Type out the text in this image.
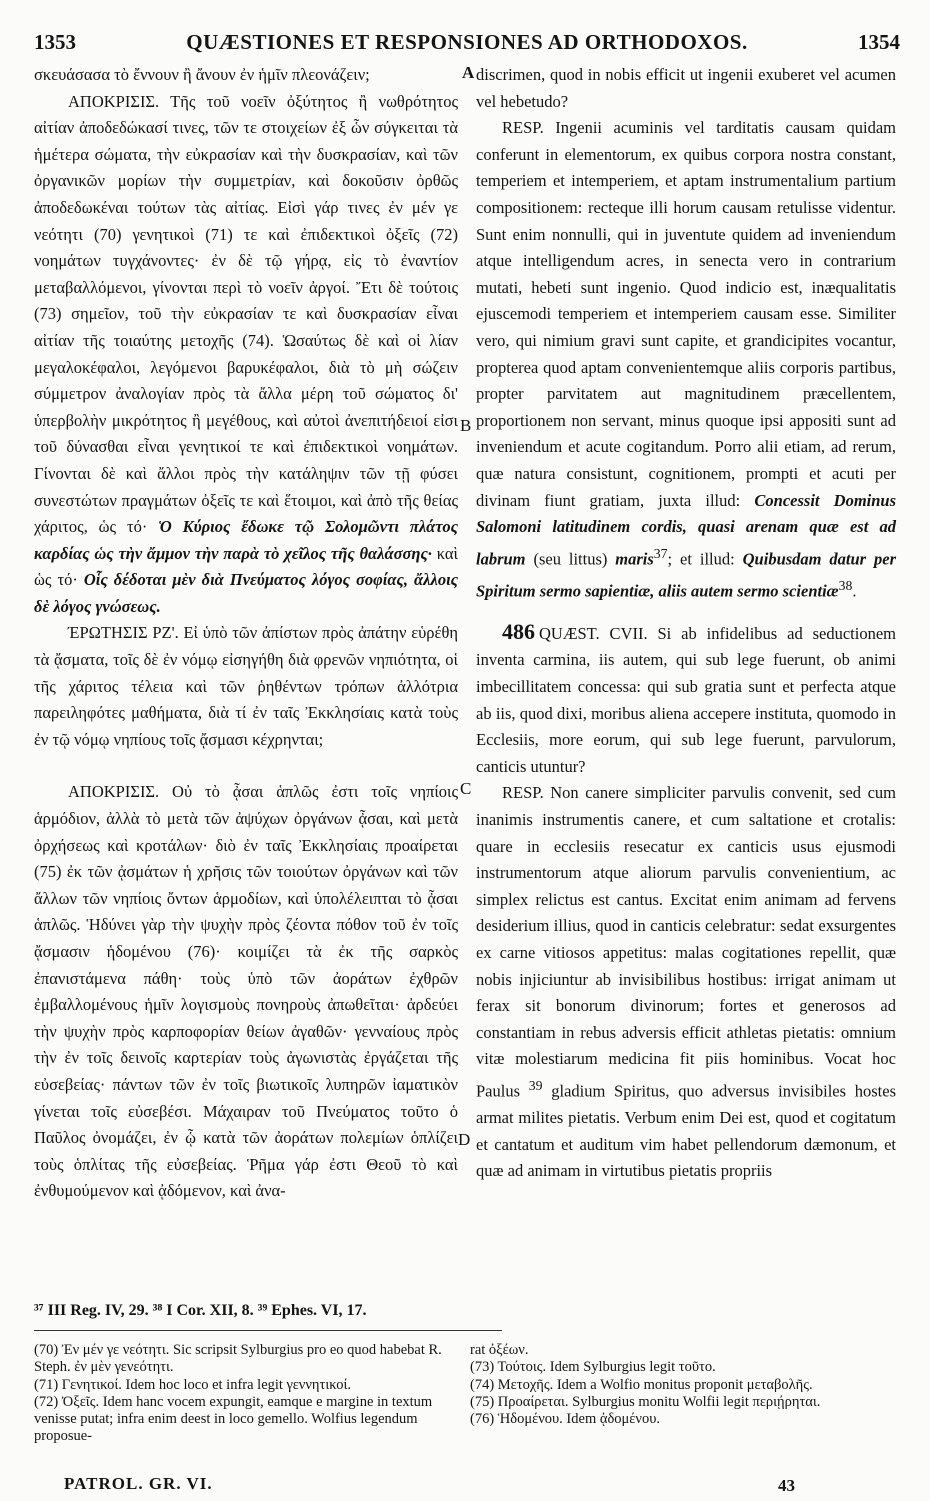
1353	QUÆSTIONES ET RESPONSIONES AD ORTHODOXOS.	1354
A
B
C
D

σκευάσασα τὸ ἔννουν ἢ ἄνουν ἐν ἡμῖν πλεονάζειν;

ΑΠΟΚΡΙΣΙΣ. Τῆς τοῦ νοεῖν ὀξύτητος ἢ νωθρότητος αἰτίαν ἀποδεδώκασί τινες, τῶν τε στοιχείων ἐξ ὧν σύγκειται τὰ ἡμέτερα σώματα, τὴν εὐκρασίαν καὶ τὴν δυσκρασίαν, καὶ τῶν ὀργανικῶν μορίων τὴν συμμετρίαν, καὶ δοκοῦσιν ὀρθῶς ἀποδεδωκέναι τούτων τὰς αἰτίας. Εἰσὶ γάρ τινες ἐν μέν γε νεότητι (70) γενητικοὶ (71) τε καὶ ἐπιδεκτικοὶ ὀξεῖς (72) νοημάτων τυγχάνοντες· ἐν δὲ τῷ γήρᾳ, εἰς τὸ ἐναντίον μεταβαλλόμενοι, γίνονται περὶ τὸ νοεῖν ἀργοί. Ἔτι δὲ τούτοις (73) σημεῖον, τοῦ τὴν εὐκρασίαν τε καὶ δυσκρασίαν εἶναι αἰτίαν τῆς τοιαύτης μετοχῆς (74). Ὡσαύτως δὲ καὶ οἱ λίαν μεγαλοκέφαλοι, λεγόμενοι βαρυκέφαλοι, διὰ τὸ μὴ σώζειν σύμμετρον ἀναλογίαν πρὸς τὰ ἄλλα μέρη τοῦ σώματος δι' ὑπερβολὴν μικρότητος ἢ μεγέθους, καὶ αὐτοὶ ἀνεπιτήδειοί εἰσι τοῦ δύνασθαι εἶναι γενητικοί τε καὶ ἐπιδεκτικοὶ νοημάτων. Γίνονται δὲ καὶ ἄλλοι πρὸς τὴν κατάληψιν τῶν τῇ φύσει συνεστώτων πραγμάτων ὀξεῖς τε καὶ ἕτοιμοι, καὶ ἀπὸ τῆς θείας χάριτος, ὡς τό· Ὁ Κύριος ἔδωκε τῷ Σολομῶντι πλάτος καρδίας ὡς τὴν ἄμμον τὴν παρὰ τὸ χεῖλος τῆς θαλάσσης· καὶ ὡς τό· Οἷς δέδοται μὲν διὰ Πνεύματος λόγος σοφίας, ἄλλοις δὲ λόγος γνώσεως.

ΈΡΩΤΗΣΙΣ ΡΖ'. Εἰ ὑπὸ τῶν ἀπίστων πρὸς ἀπάτην εὑρέθη τὰ ᾄσματα, τοῖς δὲ ἐν νόμῳ εἰσηγήθη διὰ φρενῶν νηπιότητα, οἱ τῆς χάριτος τέλεια καὶ τῶν ῥηθέντων τρόπων ἀλλότρια παρειληφότες μαθήματα, διὰ τί ἐν ταῖς Ἐκκλησίαις κατὰ τοὺς ἐν τῷ νόμῳ νηπίους τοῖς ᾄσμασι κέχρηνται;

ΑΠΟΚΡΙΣΙΣ. Οὐ τὸ ᾆσαι ἁπλῶς ἐστι τοῖς νηπίοις ἁρμόδιον, ἀλλὰ τὸ μετὰ τῶν ἀψύχων ὀργάνων ᾆσαι, καὶ μετὰ ὀρχήσεως καὶ κροτάλων· διὸ ἐν ταῖς Ἐκκλησίαις προαίρεται (75) ἐκ τῶν ᾀσμάτων ἡ χρῆσις τῶν τοιούτων ὀργάνων καὶ τῶν ἄλλων τῶν νηπίοις ὄντων ἁρμοδίων, καὶ ὑπολέλειπται τὸ ᾆσαι ἁπλῶς. Ἡδύνει γὰρ τὴν ψυχὴν πρὸς ζέοντα πόθον τοῦ ἐν τοῖς ᾄσμασιν ἡδομένου (76)· κοιμίζει τὰ ἐκ τῆς σαρκὸς ἐπανιστάμενα πάθη· τοὺς ὑπὸ τῶν ἀοράτων ἐχθρῶν ἐμβαλλομένους ἡμῖν λογισμοὺς πονηροὺς ἀπωθεῖται· ἀρδεύει τὴν ψυχὴν πρὸς καρποφορίαν θείων ἀγαθῶν· γενναίους πρὸς τὴν ἐν τοῖς δεινοῖς καρτερίαν τοὺς ἀγωνιστὰς ἐργάζεται τῆς εὐσεβείας· πάντων τῶν ἐν τοῖς βιωτικοῖς λυπηρῶν ἰαματικὸν γίνεται τοῖς εὐσεβέσι. Μάχαιραν τοῦ Πνεύματος τοῦτο ὁ Παῦλος ὀνομάζει, ἐν ᾧ κατὰ τῶν ἀοράτων πολεμίων ὁπλίζει τοὺς ὁπλίτας τῆς εὐσεβείας. Ῥῆμα γάρ ἐστι Θεοῦ τὸ καὶ ἐνθυμούμενον καὶ ᾀδόμενον, καὶ ἀνα-

discrimen, quod in nobis efficit ut ingenii exuberet vel acumen vel hebetudo?

RESP. Ingenii acuminis vel tarditatis causam quidam conferunt in elementorum, ex quibus corpora nostra constant, temperiem et intemperiem, et aptam instrumentalium partium compositionem: recteque illi horum causam retulisse videntur. Sunt enim nonnulli, qui in juventute quidem ad inveniendum atque intelligendum acres, in senecta vero in contrarium mutati, hebeti sunt ingenio. Quod indicio est, inæqualitatis ejuscemodi temperiem et intemperiem causam esse. Similiter vero, qui nimium gravi sunt capite, et grandicipites vocantur, propterea quod aptam convenientemque aliis corporis partibus, propter parvitatem aut magnitudinem præcellentem, proportionem non servant, minus quoque ipsi appositi sunt ad inveniendum et acute cogitandum. Porro alii etiam, ad rerum, quæ natura consistunt, cognitionem, prompti et acuti per divinam fiunt gratiam, juxta illud: Concessit Dominus Salomoni latitudinem cordis, quasi arenam quæ est ad labrum (seu littus) maris$^{37}$; et illud: Quibusdam datur per Spiritum sermo sapientiæ, aliis autem sermo scientiæ$^{38}$.

486 QUÆST. CVII. Si ab infidelibus ad seductionem inventa carmina, iis autem, qui sub lege fuerunt, ob animi imbecillitatem concessa: qui sub gratia sunt et perfecta atque ab iis, quod dixi, moribus aliena accepere instituta, quomodo in Ecclesiis, more eorum, qui sub lege fuerunt, parvulorum, canticis utuntur?

RESP. Non canere simpliciter parvulis convenit, sed cum inanimis instrumentis canere, et cum saltatione et crotalis: quare in ecclesiis resecatur ex canticis usus ejusmodi instrumentorum atque aliorum parvulis convenientium, ac simplex relictus est cantus. Excitat enim animam ad fervens desiderium illius, quod in canticis celebratur: sedat exsurgentes ex carne vitiosos appetitus: malas cogitationes repellit, quæ nobis injiciuntur ab invisibilibus hostibus: irrigat animam ut ferax sit bonorum divinorum; fortes et generosos ad constantiam in rebus adversis efficit athletas pietatis: omnium vitæ molestiarum medicina fit piis hominibus. Vocat hoc Paulus $^{39}$ gladium Spiritus, quo adversus invisibiles hostes armat milites pietatis. Verbum enim Dei est, quod et cogitatum et cantatum et auditum vim habet pellendorum dæmonum, et quæ ad animam in virtutibus pietatis propriis

³⁷ III Reg. IV, 29. ³⁸ I Cor. XII, 8. ³⁹ Ephes. VI, 17.

(70) Ἐν μέν γε νεότητι. Sic scripsit Sylburgius pro eo quod habebat R. Steph. ἐν μὲν γενεότητι.

(71) Γενητικοί. Idem hoc loco et infra legit γεννητικοί.

(72) Ὀξεῖς. Idem hanc vocem expungit, eamque e margine in textum venisse putat; infra enim deest in loco gemello. Wolfius legendum proposue-

rat ὀξέων.

(73) Τούτοις. Idem Sylburgius legit τοῦτο.

(74) Μετοχῆς. Idem a Wolfio monitus proponit μεταβολῆς.

(75) Προαίρεται. Sylburgius monitu Wolfii legit περιῄρηται.

(76) Ἡδομένου. Idem ᾀδομένου.

PATROL. GR. VI.	43
